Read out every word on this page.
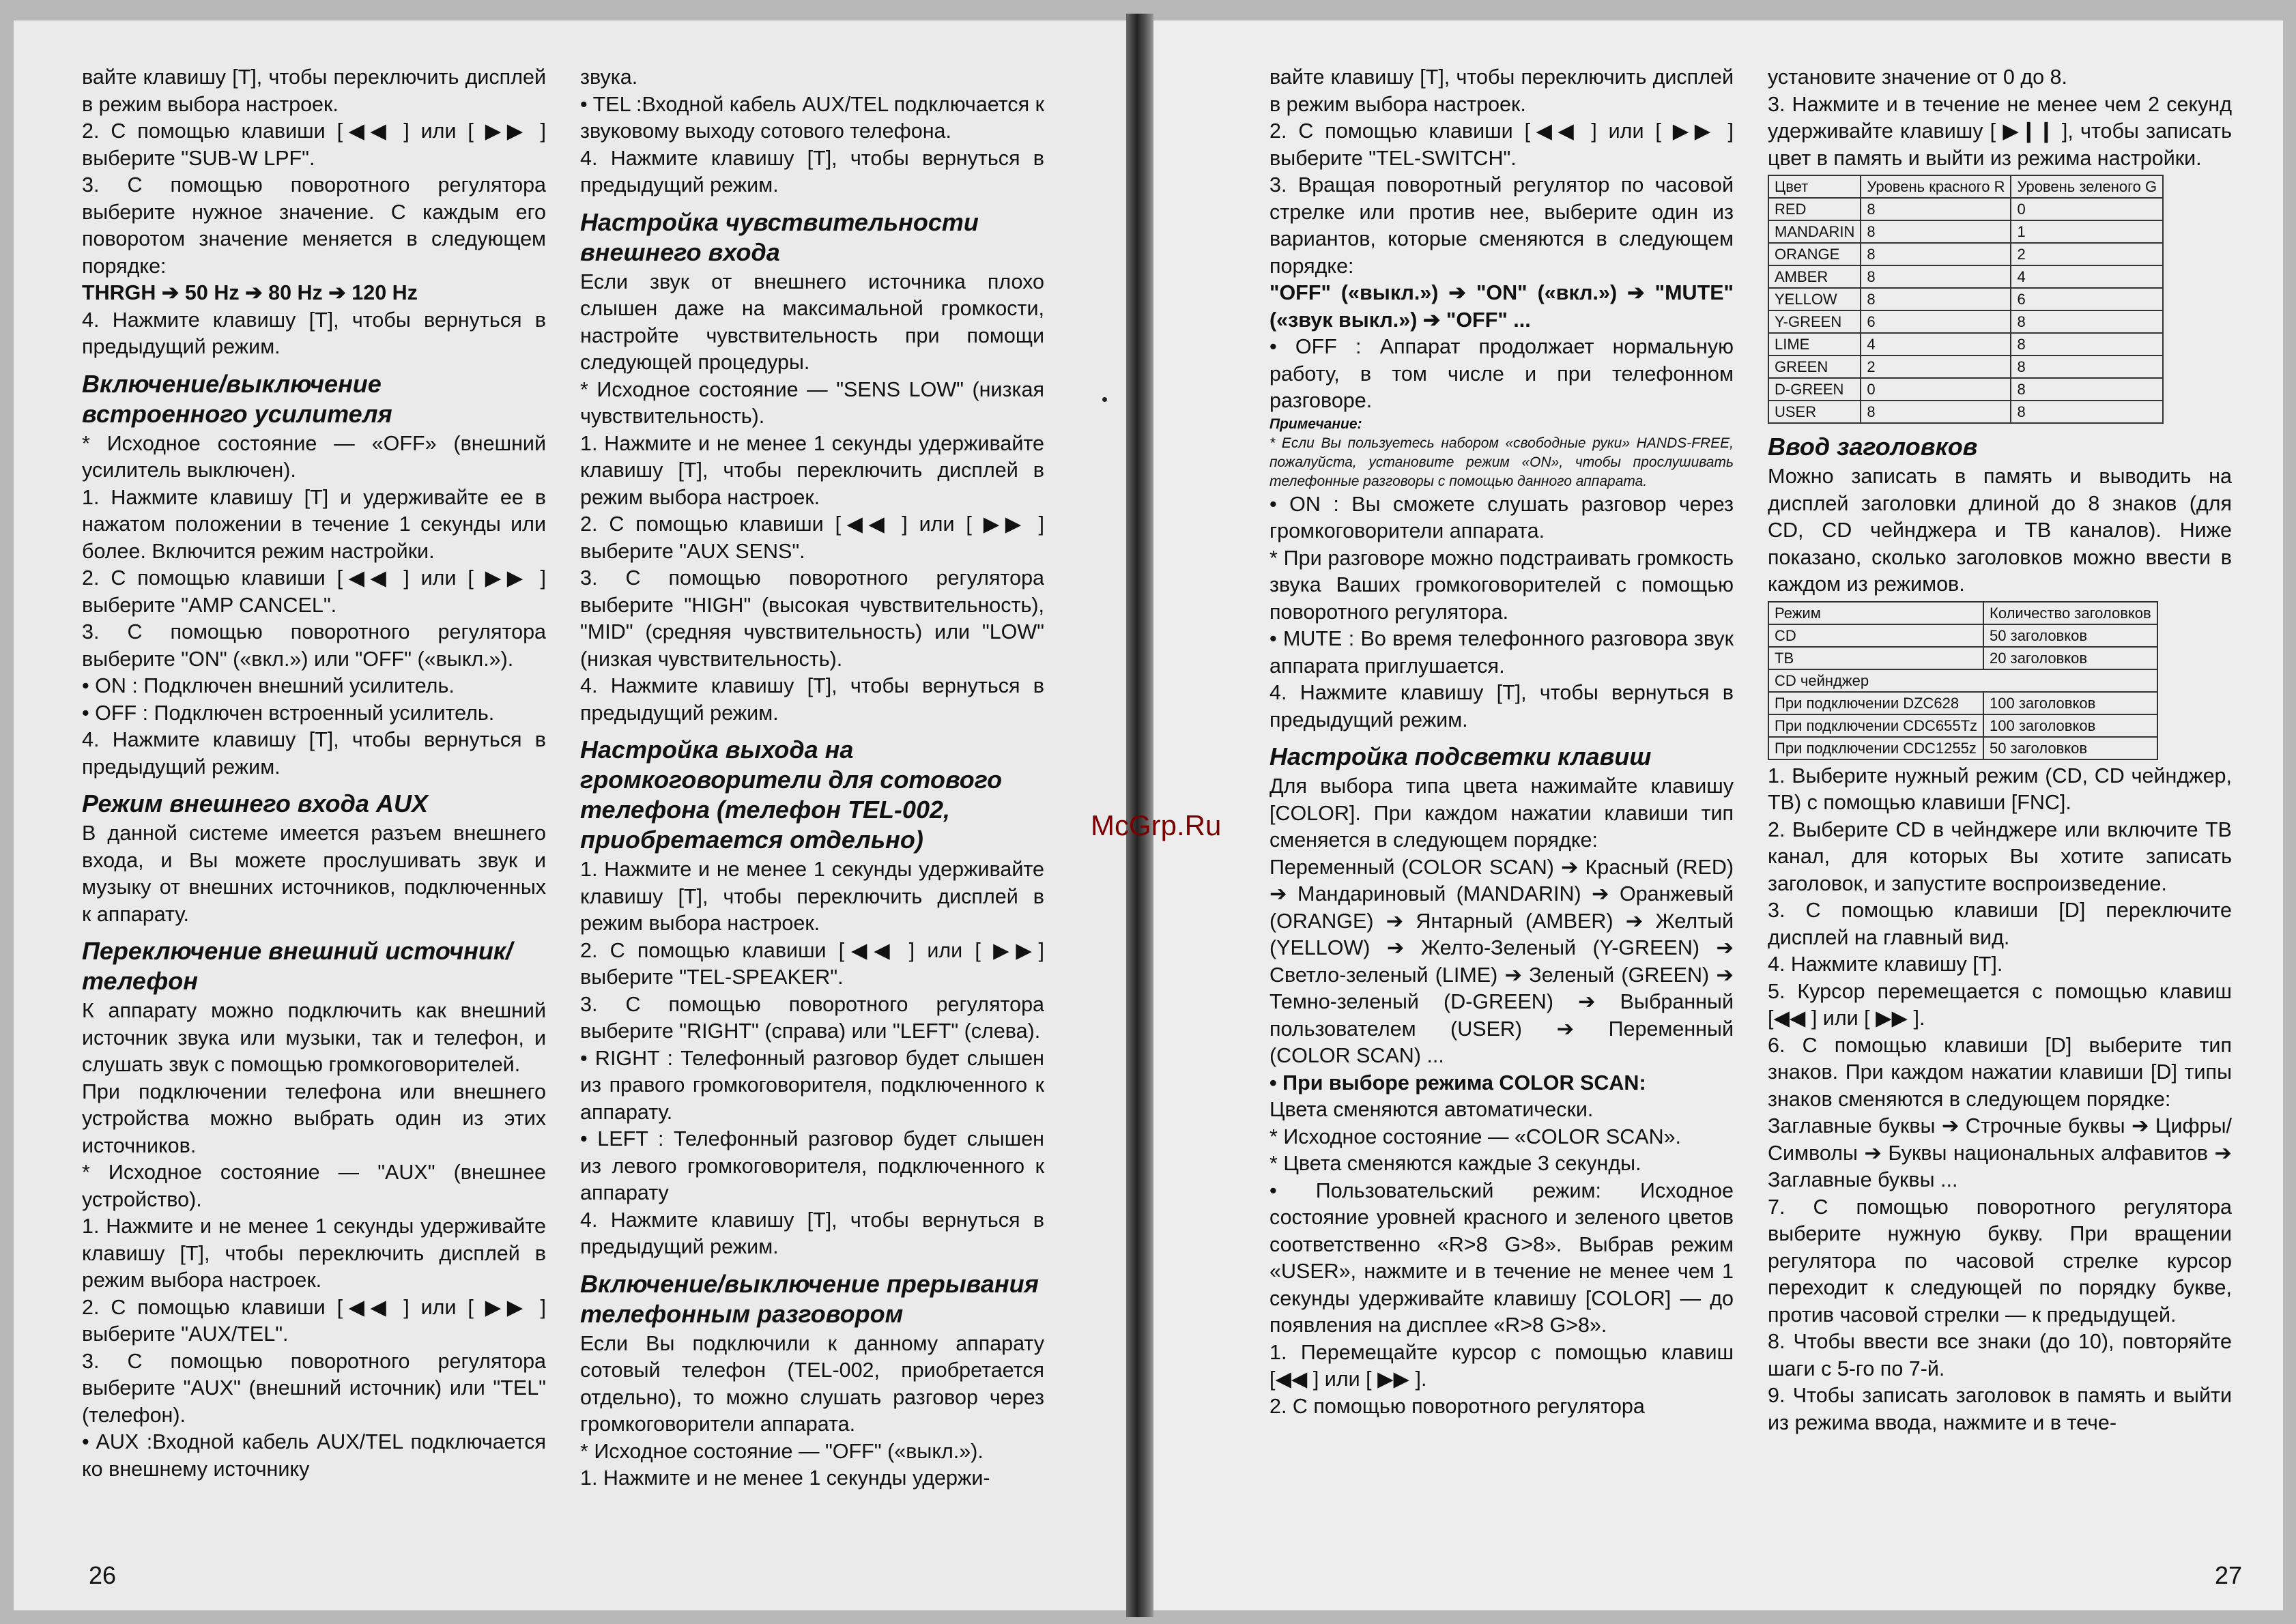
вайте клавишу [T], чтобы переключить дисплей в режим выбора настроек.

2. С помощью клавиши [◀◀ ] или [ ▶▶ ] выберите "SUB-W LPF".

3. С помощью поворотного регулятора выберите нужное значение. С каждым его поворотом значение меняется в следующем порядке:

THRGH ➔ 50 Hz ➔ 80 Hz ➔ 120 Hz

4. Нажмите клавишу [T], чтобы вернуться в предыдущий режим.

Включение/выключение встроенного усилителя

* Исходное состояние — «OFF» (внешний усилитель выключен).

1. Нажмите клавишу [T] и удерживайте ее в нажатом положении в течение 1 секунды или более. Включится режим настройки.

2. С помощью клавиши [◀◀ ] или [ ▶▶ ] выберите "AMP CANCEL".

3. С помощью поворотного регулятора выберите "ON" («вкл.») или "OFF" («выкл.»).

• ON : Подключен внешний усилитель.

• OFF : Подключен встроенный усилитель.

4. Нажмите клавишу [T], чтобы вернуться в предыдущий режим.

Режим внешнего входа AUX

В данной системе имеется разъем внешнего входа, и Вы можете прослушивать звук и музыку от внешних источников, подключенных к аппарату.

Переключение внешний источник/телефон

К аппарату можно подключить как внешний источник звука или музыки, так и телефон, и слушать звук с помощью громкоговорителей.

При подключении телефона или внешнего устройства можно выбрать один из этих источников.

* Исходное состояние — "AUX" (внешнее устройство).

1. Нажмите и не менее 1 секунды удерживайте клавишу [T], чтобы переключить дисплей в режим выбора настроек.

2. С помощью клавиши [◀◀ ] или [ ▶▶ ] выберите "AUX/TEL".

3. С помощью поворотного регулятора выберите "AUX" (внешний источник) или "TEL" (телефон).

• AUX :Входной кабель AUX/TEL подключается ко внешнему источнику

звука.

• TEL :Входной кабель AUX/TEL подключается к звуковому выходу сотового телефона.

4. Нажмите клавишу [T], чтобы вернуться в предыдущий режим.

Настройка чувствительности внешнего входа

Если звук от внешнего источника плохо слышен даже на максимальной громкости, настройте чувствительность при помощи следующей процедуры.

* Исходное состояние — "SENS LOW" (низкая чувствительность).

1. Нажмите и не менее 1 секунды удерживайте клавишу [T], чтобы переключить дисплей в режим выбора настроек.

2. С помощью клавиши [◀◀ ] или [ ▶▶ ] выберите "AUX SENS".

3. С помощью поворотного регулятора выберите "HIGH" (высокая чувствительность), "MID" (средняя чувствительность) или "LOW" (низкая чувствительность).

4. Нажмите клавишу [T], чтобы вернуться в предыдущий режим.

Настройка выхода на громкоговорители для сотового телефона (телефон TEL-002, приобретается отдельно)

1. Нажмите и не менее 1 секунды удерживайте клавишу [T], чтобы переключить дисплей в режим выбора настроек.

2. С помощью клавиши [◀◀ ] или [ ▶▶] выберите "TEL-SPEAKER".

3. С помощью поворотного регулятора выберите "RIGHT" (справа) или "LEFT" (слева).

• RIGHT : Телефонный разговор будет слышен из правого громкоговорителя, подключенного к аппарату.

• LEFT : Телефонный разговор будет слышен из левого громкоговорителя, подключенного к аппарату

4. Нажмите клавишу [T], чтобы вернуться в предыдущий режим.

Включение/выключение прерывания телефонным разговором

Если Вы подключили к данному аппарату сотовый телефон (TEL-002, приобретается отдельно), то можно слушать разговор через громкоговорители аппарата.

* Исходное состояние — "OFF" («выкл.»).

1. Нажмите и не менее 1 секунды удержи-

26

вайте клавишу [T], чтобы переключить дисплей в режим выбора настроек.

2. С помощью клавиши [◀◀ ] или [ ▶▶ ] выберите "TEL-SWITCH".

3. Вращая поворотный регулятор по часовой стрелке или против нее, выберите один из вариантов, которые сменяются в следующем порядке:

"OFF" («выкл.») ➔ "ON" («вкл.») ➔ "MUTE" («звук выкл.») ➔ "OFF" ...

• OFF : Аппарат продолжает нормальную работу, в том числе и при телефонном разговоре.

Примечание:

* Если Вы пользуетесь набором «свободные руки» HANDS-FREE, пожалуйста, установите режим «ON», чтобы прослушивать телефонные разговоры с помощью данного аппарата.

• ON : Вы сможете слушать разговор через громкоговорители аппарата.

* При разговоре можно подстраивать громкость звука Ваших громкоговорителей с помощью поворотного регулятора.

• MUTE : Во время телефонного разговора звук аппарата приглушается.

4. Нажмите клавишу [T], чтобы вернуться в предыдущий режим.

Настройка подсветки клавиш

Для выбора типа цвета нажимайте клавишу [COLOR]. При каждом нажатии клавиши тип сменяется в следующем порядке:

Переменный (COLOR SCAN) ➔ Красный (RED) ➔ Мандариновый (MANDARIN) ➔ Оранжевый (ORANGE) ➔ Янтарный (AMBER) ➔ Желтый (YELLOW) ➔ Желто-Зеленый (Y-GREEN) ➔ Светло-зеленый (LIME) ➔ Зеленый (GREEN) ➔ Темно-зеленый (D-GREEN) ➔ Выбранный пользователем (USER) ➔ Переменный (COLOR SCAN) ...

• При выборе режима COLOR SCAN:

Цвета сменяются автоматически.

* Исходное состояние — «COLOR SCAN».

* Цвета сменяются каждые 3 секунды.

• Пользовательский режим: Исходное состояние уровней красного и зеленого цветов соответственно «R>8 G>8». Выбрав режим «USER», нажмите и в течение не менее чем 1 секунды удерживайте клавишу [COLOR] — до появления на дисплее «R>8 G>8».

1. Перемещайте курсор с помощью клавиш [◀◀ ] или [ ▶▶ ].

2. С помощью поворотного регулятора

установите значение от 0 до 8.

3. Нажмите и в течение не менее чем 2 секунд удерживайте клавишу [ ▶❙❙ ], чтобы записать цвет в память и выйти из режима настройки.

Цвет	Уровень красного R	Уровень зеленого G
RED	8	0
MANDARIN	8	1
ORANGE	8	2
AMBER	8	4
YELLOW	8	6
Y-GREEN	6	8
LIME	4	8
GREEN	2	8
D-GREEN	0	8
USER	8	8
Ввод заголовков

Можно записать в память и выводить на дисплей заголовки длиной до 8 знаков (для CD, CD чейнджера и ТВ каналов). Ниже показано, сколько заголовков можно ввести в каждом из режимов.

Режим	Количество заголовков
CD	50 заголовков
ТВ	20 заголовков
CD чейнджер	
При подключении DZC628	100 заголовков
При подключении CDC655Tz	100 заголовков
При подключении CDC1255z	50 заголовков

1. Выберите нужный режим (CD, CD чейнджер, ТВ) с помощью клавиши [FNC].

2. Выберите CD в чейнджере или включите ТВ канал, для которых Вы хотите записать заголовок, и запустите воспроизведение.

3. С помощью клавиши [D] переключите дисплей на главный вид.

4. Нажмите клавишу [T].

5. Курсор перемещается с помощью клавиш [◀◀ ] или [ ▶▶ ].

6. С помощью клавиши [D] выберите тип знаков. При каждом нажатии клавиши [D] типы знаков сменяются в следующем порядке:

Заглавные буквы ➔ Строчные буквы ➔ Цифры/Символы ➔ Буквы национальных алфавитов ➔ Заглавные буквы ...

7. С помощью поворотного регулятора выберите нужную букву. При вращении регулятора по часовой стрелке курсор переходит к следующей по порядку букве, против часовой стрелки — к предыдущей.

8. Чтобы ввести все знаки (до 10), повторяйте шаги с 5-го по 7-й.

9. Чтобы записать заголовок в память и выйти из режима ввода, нажмите и в тече-

27
McGrp.Ru
